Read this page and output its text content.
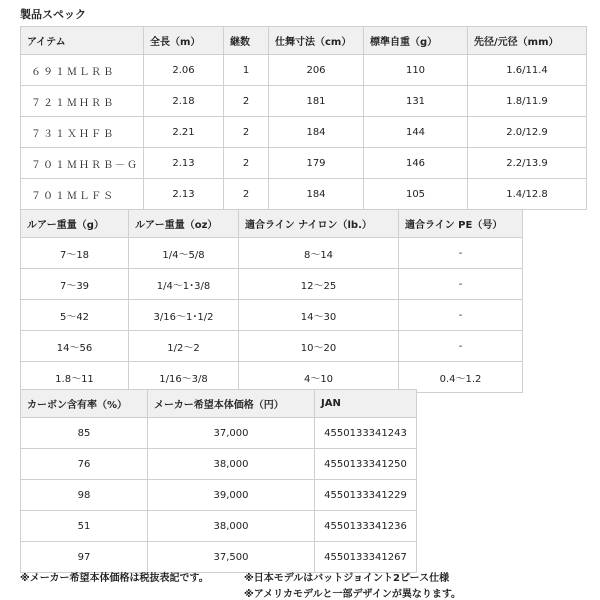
製品スペック
アイテム	全長（m）	継数	仕舞寸法（cm）	標準自重（g）	先径/元径（mm）
６９１ＭＬＲＢ	2.06	1	206	110	1.6/11.4
７２１ＭＨＲＢ	2.18	2	181	131	1.8/11.9
７３１ＸＨＦＢ	2.21	2	184	144	2.0/12.9
７０１ＭＨＲＢ－Ｇ	2.13	2	179	146	2.2/13.9
７０１ＭＬＦＳ	2.13	2	184	105	1.4/12.8
ルアー重量（g）	ルアー重量（oz）	適合ライン ナイロン（lb.）	適合ライン PE（号）
7～18	1/4～5/8	8～14	-
7～39	1/4～1･3/8	12～25	-
5～42	3/16～1･1/2	14～30	-
14～56	1/2～2	10～20	-
1.8～11	1/16～3/8	4～10	0.4～1.2
カーボン含有率（%）	メーカー希望本体価格（円）	JAN
85	37,000	4550133341243
76	38,000	4550133341250
98	39,000	4550133341229
51	38,000	4550133341236
97	37,500	4550133341267
※メーカー希望本体価格は税抜表記です。	※日本モデルはバットジョイント2ピース仕様
※アメリカモデルと一部デザインが異なります。
